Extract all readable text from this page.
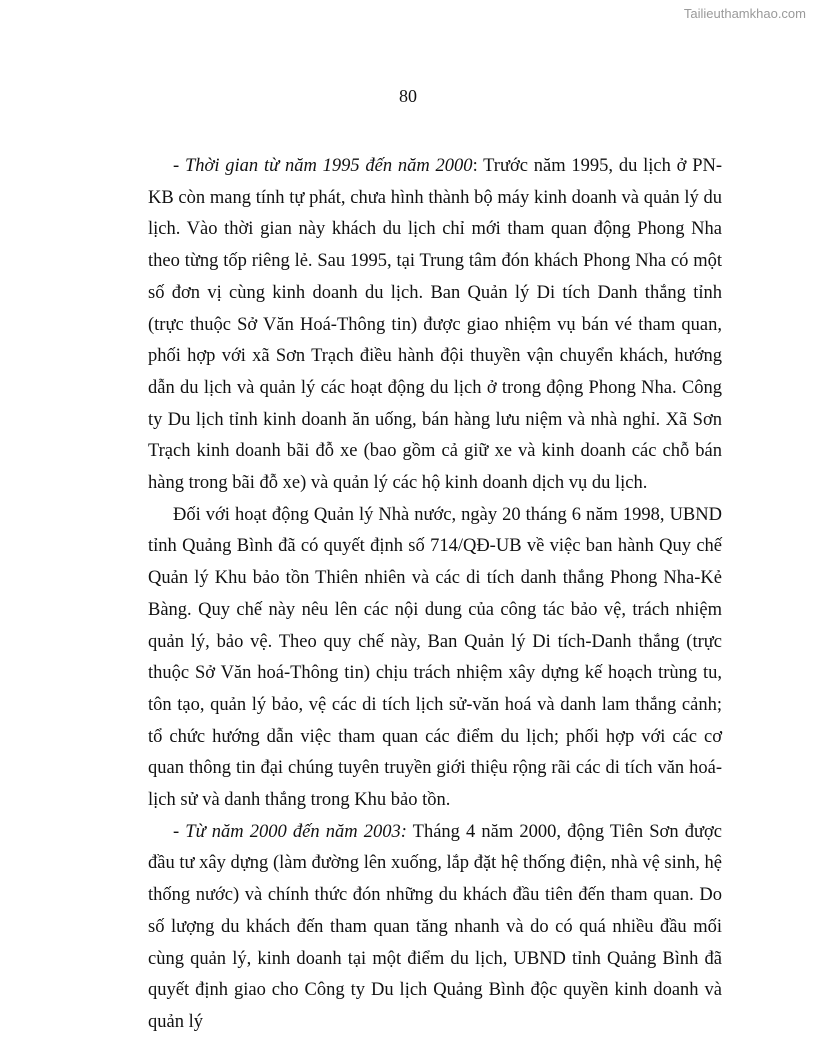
Tailieuthamkhao.com
80

- Thời gian từ năm 1995 đến năm 2000: Trước năm 1995, du lịch ở PN-KB còn mang tính tự phát, chưa hình thành bộ máy kinh doanh và quản lý du lịch. Vào thời gian này khách du lịch chỉ mới tham quan động Phong Nha theo từng tốp riêng lẻ. Sau 1995, tại Trung tâm đón khách Phong Nha có một số đơn vị cùng kinh doanh du lịch. Ban Quản lý Di tích Danh thắng tỉnh (trực thuộc Sở Văn Hoá-Thông tin) được giao nhiệm vụ bán vé tham quan, phối hợp với xã Sơn Trạch điều hành đội thuyền vận chuyển khách, hướng dẫn du lịch và quản lý các hoạt động du lịch ở trong động Phong Nha. Công ty Du lịch tỉnh kinh doanh ăn uống, bán hàng lưu niệm và nhà nghỉ. Xã Sơn Trạch kinh doanh bãi đỗ xe (bao gồm cả giữ xe và kinh doanh các chỗ bán hàng trong bãi đỗ xe) và quản lý các hộ kinh doanh dịch vụ du lịch.

Đối với hoạt động Quản lý Nhà nước, ngày 20 tháng 6 năm 1998, UBND tỉnh Quảng Bình đã có quyết định số 714/QĐ-UB về việc ban hành Quy chế Quản lý Khu bảo tồn Thiên nhiên và các di tích danh thắng Phong Nha-Kẻ Bàng. Quy chế này nêu lên các nội dung của công tác bảo vệ, trách nhiệm quản lý, bảo vệ. Theo quy chế này, Ban Quản lý Di tích-Danh thắng (trực thuộc Sở Văn hoá-Thông tin) chịu trách nhiệm xây dựng kế hoạch trùng tu, tôn tạo, quản lý bảo, vệ các di tích lịch sử-văn hoá và danh lam thắng cảnh; tổ chức hướng dẫn việc tham quan các điểm du lịch; phối hợp với các cơ quan thông tin đại chúng tuyên truyền giới thiệu rộng rãi các di tích văn hoá-lịch sử và danh thắng trong Khu bảo tồn.

- Từ năm 2000 đến năm 2003: Tháng 4 năm 2000, động Tiên Sơn được đầu tư xây dựng (làm đường lên xuống, lắp đặt hệ thống điện, nhà vệ sinh, hệ thống nước) và chính thức đón những du khách đầu tiên đến tham quan. Do số lượng du khách đến tham quan tăng nhanh và do có quá nhiều đầu mối cùng quản lý, kinh doanh tại một điểm du lịch, UBND tỉnh Quảng Bình đã quyết định giao cho Công ty Du lịch Quảng Bình độc quyền kinh doanh và quản lý
